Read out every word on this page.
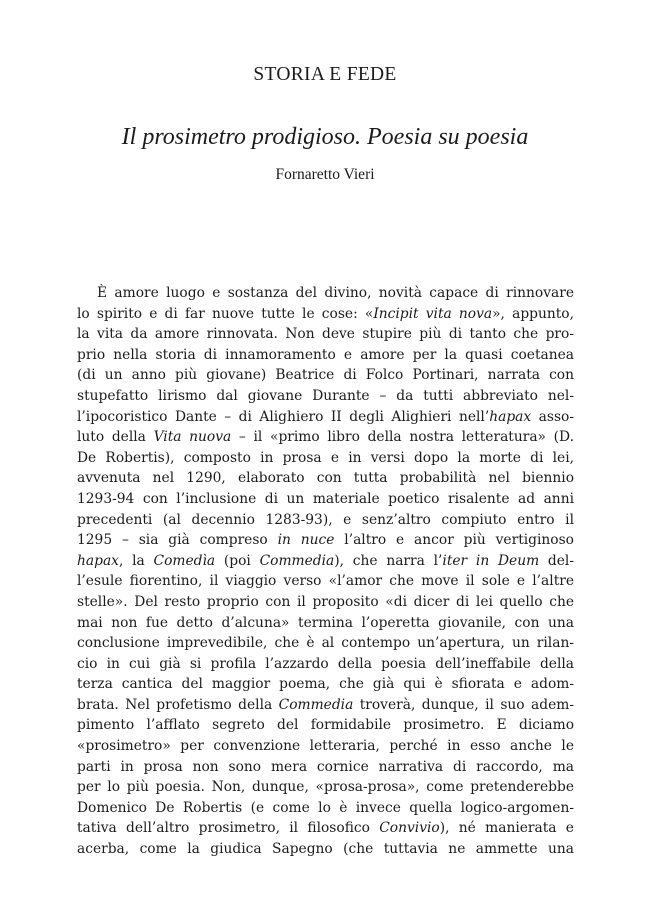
STORIA E FEDE
Il prosimetro prodigioso. Poesia su poesia

Fornaretto Vieri

È amore luogo e sostanza del divino, novità capace di rinnovare
lo spirito e di far nuove tutte le cose: «Incipit vita nova», appunto,
la vita da amore rinnovata. Non deve stupire più di tanto che pro-
prio nella storia di innamoramento e amore per la quasi coetanea
(di un anno più giovane) Beatrice di Folco Portinari, narrata con
stupefatto lirismo dal giovane Durante – da tutti abbreviato nel-
l’ipocoristico Dante – di Alighiero II degli Alighieri nell’hapax asso-
luto della Vita nuova – il «primo libro della nostra letteratura» (D.
De Robertis), composto in prosa e in versi dopo la morte di lei,
avvenuta nel 1290, elaborato con tutta probabilità nel biennio
1293-94 con l’inclusione di un materiale poetico risalente ad anni
precedenti (al decennio 1283-93), e senz’altro compiuto entro il
1295 – sia già compreso in nuce l’altro e ancor più vertiginoso
hapax, la Comedìa (poi Commedia), che narra l’iter in Deum del-
l’esule fiorentino, il viaggio verso «l’amor che move il sole e l’altre
stelle». Del resto proprio con il proposito «di dicer di lei quello che
mai non fue detto d’alcuna» termina l’operetta giovanile, con una
conclusione imprevedibile, che è al contempo un’apertura, un rilan-
cio in cui già si profila l’azzardo della poesia dell’ineffabile della
terza cantica del maggior poema, che già qui è sfiorata e adom-
brata. Nel profetismo della Commedia troverà, dunque, il suo adem-
pimento l’afflato segreto del formidabile prosimetro. E diciamo
«prosimetro» per convenzione letteraria, perché in esso anche le
parti in prosa non sono mera cornice narrativa di raccordo, ma
per lo più poesia. Non, dunque, «prosa-prosa», come pretenderebbe
Domenico De Robertis (e come lo è invece quella logico-argomen-
tativa dell’altro prosimetro, il filosofico Convivio), né manierata e
acerba, come la giudica Sapegno (che tuttavia ne ammette una
